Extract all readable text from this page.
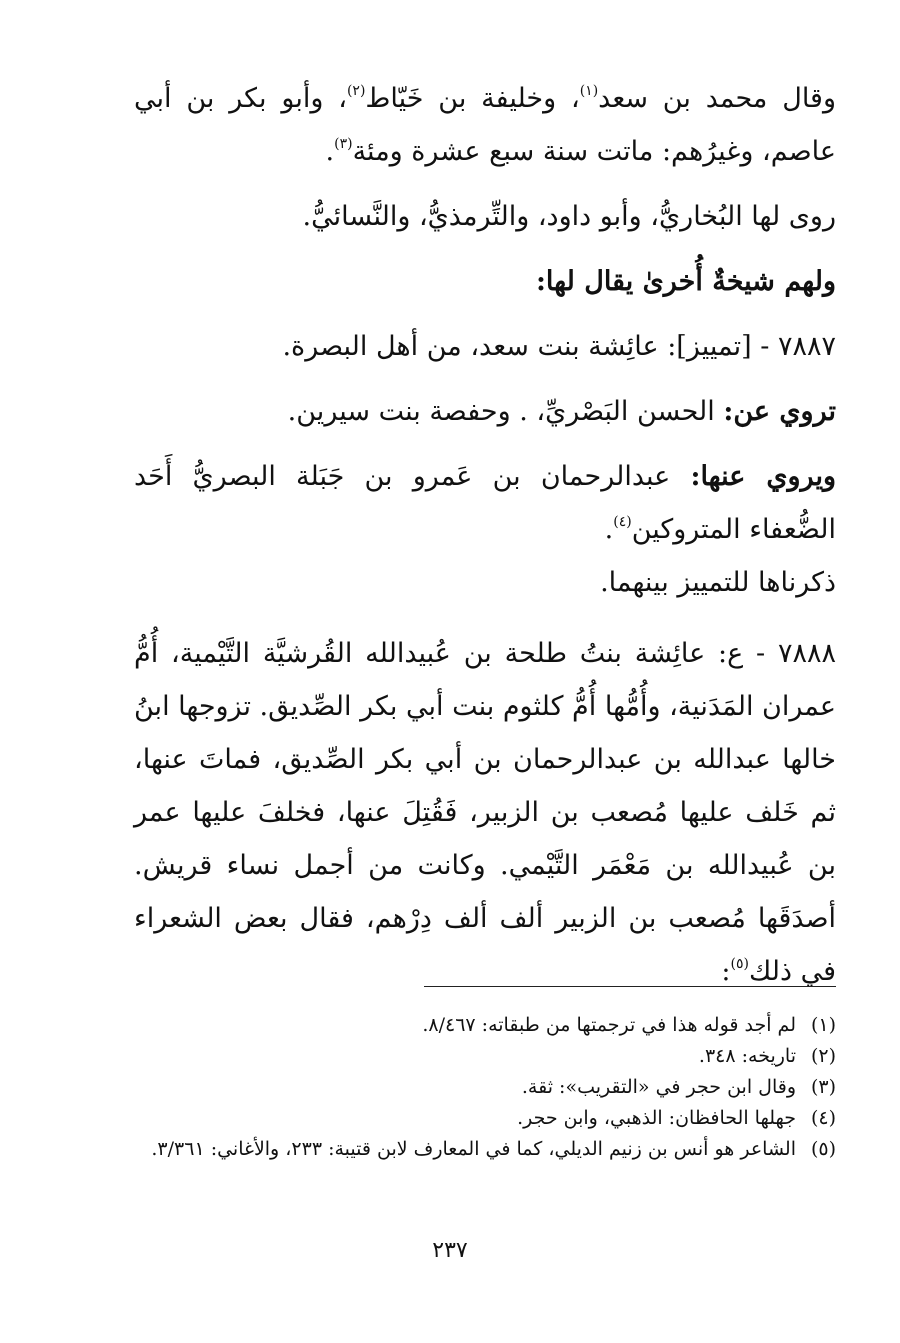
وقال محمد بن سعد$^{(١)}$، وخليفة بن خَيّاط$^{(٢)}$، وأبو بكر بن أبي عاصم، وغيرُهم: ماتت سنة سبع عشرة ومئة$^{(٣)}$.

روى لها البُخاريُّ، وأبو داود، والتِّرمذيُّ، والنَّسائيُّ.

ولهم شيخةٌ أُخرىٰ يقال لها:

٧٨٨٧ - [تمييز]: عائِشة بنت سعد، من أهل البصرة.

تروي عن: الحسن البَصْريِّ، . وحفصة بنت سيرين.

ويروي عنها: عبدالرحمان بن عَمرو بن جَبَلة البصريُّ أَحَد الضُّعفاء المتروكين$^{(٤)}$.

ذكرناها للتمييز بينهما.

٧٨٨٨ - ع: عائِشة بنتُ طلحة بن عُبيدالله القُرشيَّة التَّيْمية، أُمُّ عمران المَدَنية، وأُمُّها أُمُّ كلثوم بنت أبي بكر الصِّديق. تزوجها ابنُ خالها عبدالله بن عبدالرحمان بن أبي بكر الصِّديق، فماتَ عنها، ثم خَلف عليها مُصعب بن الزبير، فَقُتِلَ عنها، فخلفَ عليها عمر بن عُبيدالله بن مَعْمَر التَّيْمي. وكانت من أجمل نساء قريش. أصدَقَها مُصعب بن الزبير ألف ألف دِرْهم، فقال بعض الشعراء في ذلك$^{(٥)}$:

(١)
لم أجد قوله هذا في ترجمتها من طبقاته: ٨/٤٦٧.
(٢)
تاريخه: ٣٤٨.
(٣)
وقال ابن حجر في «التقريب»: ثقة.
(٤)
جهلها الحافظان: الذهبي، وابن حجر.
(٥)
الشاعر هو أنس بن زنيم الديلي، كما في المعارف لابن قتيبة: ٢٣٣، والأغاني: ٣/٣٦١.
٢٣٧
